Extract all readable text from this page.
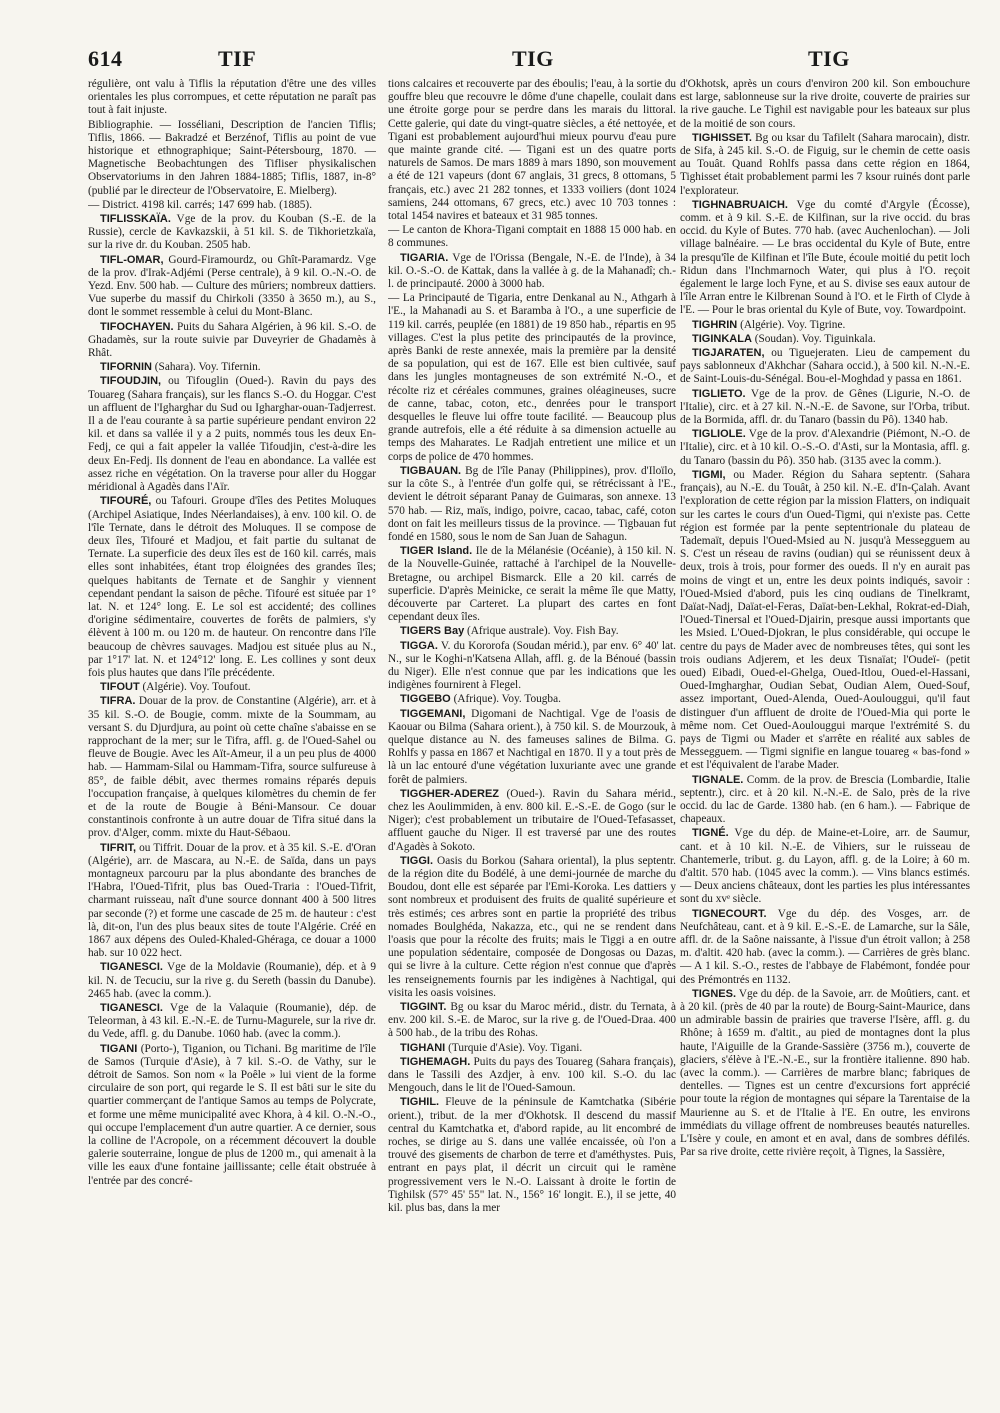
614	TIF	TIG	TIG

régulière, ont valu à Tiflis la réputation d'être une des villes orientales les plus corrompues, et cette réputation ne paraît pas tout à fait injuste.

Bibliographie. — Iosséliani, Description de l'ancien Tiflis; Tiflis, 1866. — Bakradzé et Berzénof, Tiflis au point de vue historique et ethnographique; Saint-Pétersbourg, 1870. — Magnetische Beobachtungen des Tifliser physikalischen Observatoriums in den Jahren 1884-1885; Tiflis, 1887, in-8° (publié par le directeur de l'Observatoire, E. Mielberg).

— District. 4198 kil. carrés; 147 699 hab. (1885).

TIFLISSKAÏA. Vge de la prov. du Kouban (S.-E. de la Russie), cercle de Kavkazskii, à 51 kil. S. de Tikhorietzkaïa, sur la rive dr. du Kouban. 2505 hab.

TIFL-OMAR, Gourd-Firamourdz, ou Ghît-Paramardz. Vge de la prov. d'Irak-Adjémi (Perse centrale), à 9 kil. O.-N.-O. de Yezd. Env. 500 hab. — Culture des mûriers; nombreux dattiers. Vue superbe du massif du Chirkoli (3350 à 3650 m.), au S., dont le sommet ressemble à celui du Mont-Blanc.

TIFOCHAYEN. Puits du Sahara Algérien, à 96 kil. S.-O. de Ghadamès, sur la route suivie par Duveyrier de Ghadamès à Rhât.

TIFORNIN (Sahara). Voy. Tifernin.

TIFOUDJIN, ou Tifouglin (Oued-). Ravin du pays des Touareg (Sahara français), sur les flancs S.-O. du Hoggar. C'est un affluent de l'Igharghar du Sud ou Igharghar-ouan-Tadjerrest. Il a de l'eau courante à sa partie supérieure pendant environ 22 kil. et dans sa vallée il y a 2 puits, nommés tous les deux En-Fedj, ce qui a fait appeler la vallée Tifoudjin, c'est-à-dire les deux En-Fedj. Ils donnent de l'eau en abondance. La vallée est assez riche en végétation. On la traverse pour aller du Hoggar méridional à Agadès dans l'Aïr.

TIFOURÉ, ou Tafouri. Groupe d'îles des Petites Moluques (Archipel Asiatique, Indes Néerlandaises), à env. 100 kil. O. de l'île Ternate, dans le détroit des Moluques. Il se compose de deux îles, Tifouré et Madjou, et fait partie du sultanat de Ternate. La superficie des deux îles est de 160 kil. carrés, mais elles sont inhabitées, étant trop éloignées des grandes îles; quelques habitants de Ternate et de Sanghir y viennent cependant pendant la saison de pêche. Tifouré est située par 1° lat. N. et 124° long. E. Le sol est accidenté; des collines d'origine sédimentaire, couvertes de forêts de palmiers, s'y élèvent à 100 m. ou 120 m. de hauteur. On rencontre dans l'île beaucoup de chèvres sauvages. Madjou est située plus au N., par 1°17' lat. N. et 124°12' long. E. Les collines y sont deux fois plus hautes que dans l'île précédente.

TIFOUT (Algérie). Voy. Toufout.

TIFRA. Douar de la prov. de Constantine (Algérie), arr. et à 35 kil. S.-O. de Bougie, comm. mixte de la Soummam, au versant S. du Djurdjura, au point où cette chaîne s'abaisse en se rapprochant de la mer; sur le Tifra, affl. g. de l'Oued-Sahel ou fleuve de Bougie. Avec les Aït-Ameur, il a un peu plus de 4000 hab. — Hammam-Silal ou Hammam-Tifra, source sulfureuse à 85°, de faible débit, avec thermes romains réparés depuis l'occupation française, à quelques kilomètres du chemin de fer et de la route de Bougie à Béni-Mansour. Ce douar constantinois confronte à un autre douar de Tifra situé dans la prov. d'Alger, comm. mixte du Haut-Sébaou.

TIFRIT, ou Tiffrit. Douar de la prov. et à 35 kil. S.-E. d'Oran (Algérie), arr. de Mascara, au N.-E. de Saïda, dans un pays montagneux parcouru par la plus abondante des branches de l'Habra, l'Oued-Tifrit, plus bas Oued-Traria : l'Oued-Tifrit, charmant ruisseau, naît d'une source donnant 400 à 500 litres par seconde (?) et forme une cascade de 25 m. de hauteur : c'est là, dit-on, l'un des plus beaux sites de toute l'Algérie. Créé en 1867 aux dépens des Ouled-Khaled-Ghéraga, ce douar a 1000 hab. sur 10 022 hect.

TIGANESCI. Vge de la Moldavie (Roumanie), dép. et à 9 kil. N. de Tecuciu, sur la rive g. du Sereth (bassin du Danube). 2465 hab. (avec la comm.).

TIGANESCI. Vge de la Valaquie (Roumanie), dép. de Teleorman, à 43 kil. E.-N.-E. de Turnu-Magurele, sur la rive dr. du Vede, affl. g. du Danube. 1060 hab. (avec la comm.).

TIGANI (Porto-), Tiganion, ou Tichani. Bg maritime de l'île de Samos (Turquie d'Asie), à 7 kil. S.-O. de Vathy, sur le détroit de Samos. Son nom « la Poêle » lui vient de la forme circulaire de son port, qui regarde le S. Il est bâti sur le site du quartier commerçant de l'antique Samos au temps de Polycrate, et forme une même municipalité avec Khora, à 4 kil. O.-N.-O., qui occupe l'emplacement d'un autre quartier. A ce dernier, sous la colline de l'Acropole, on a récemment découvert la double galerie souterraine, longue de plus de 1200 m., qui amenait à la ville les eaux d'une fontaine jaillissante; celle était obstruée à l'entrée par des concré-

tions calcaires et recouverte par des éboulis; l'eau, à la sortie du gouffre bleu que recouvre le dôme d'une chapelle, coulait dans une étroite gorge pour se perdre dans les marais du littoral. Cette galerie, qui date du vingt-quatre siècles, a été nettoyée, et Tigani est probablement aujourd'hui mieux pourvu d'eau pure que mainte grande cité. — Tigani est un des quatre ports naturels de Samos. De mars 1889 à mars 1890, son mouvement a été de 121 vapeurs (dont 67 anglais, 31 grecs, 8 ottomans, 5 français, etc.) avec 21 282 tonnes, et 1333 voiliers (dont 1024 samiens, 244 ottomans, 67 grecs, etc.) avec 10 703 tonnes : total 1454 navires et bateaux et 31 985 tonnes.

— Le canton de Khora-Tigani comptait en 1888 15 000 hab. en 8 communes.

TIGARIA. Vge de l'Orissa (Bengale, N.-E. de l'Inde), à 34 kil. O.-S.-O. de Kattak, dans la vallée à g. de la Mahanadî; ch.-l. de principauté. 2000 à 3000 hab.

— La Principauté de Tigaria, entre Denkanal au N., Athgarh à l'E., la Mahanadi au S. et Baramba à l'O., a une superficie de 119 kil. carrés, peuplée (en 1881) de 19 850 hab., répartis en 95 villages. C'est la plus petite des principautés de la province, après Banki de reste annexée, mais la première par la densité de sa population, qui est de 167. Elle est bien cultivée, sauf dans les jungles montagneuses de son extrémité N.-O., et récolte riz et céréales communes, graines oléagineuses, sucre de canne, tabac, coton, etc., denrées pour le transport desquelles le fleuve lui offre toute facilité. — Beaucoup plus grande autrefois, elle a été réduite à sa dimension actuelle au temps des Maharates. Le Radjah entretient une milice et un corps de police de 470 hommes.

TIGBAUAN. Bg de l'île Panay (Philippines), prov. d'Iloïlo, sur la côte S., à l'entrée d'un golfe qui, se rétrécissant à l'E., devient le détroit séparant Panay de Guimaras, son annexe. 13 570 hab. — Riz, maïs, indigo, poivre, cacao, tabac, café, coton dont on fait les meilleurs tissus de la province. — Tigbauan fut fondé en 1580, sous le nom de San Juan de Sahagun.

TIGER Island. Ile de la Mélanésie (Océanie), à 150 kil. N. de la Nouvelle-Guinée, rattaché à l'archipel de la Nouvelle-Bretagne, ou archipel Bismarck. Elle a 20 kil. carrés de superficie. D'après Meinicke, ce serait la même île que Matty, découverte par Carteret. La plupart des cartes en font cependant deux îles.

TIGERS Bay (Afrique australe). Voy. Fish Bay.

TIGGA. V. du Kororofa (Soudan mérid.), par env. 6° 40' lat. N., sur le Koghi-n'Katsena Allah, affl. g. de la Bénoué (bassin du Niger). Elle n'est connue que par les indications que les indigènes fournirent à Flegel.

TIGGEBO (Afrique). Voy. Tougba.

TIGGEMANI, Digomani de Nachtigal. Vge de l'oasis de Kaouar ou Bilma (Sahara orient.), à 750 kil. S. de Mourzouk, à quelque distance au N. des fameuses salines de Bilma. G. Rohlfs y passa en 1867 et Nachtigal en 1870. Il y a tout près de là un lac entouré d'une végétation luxuriante avec une grande forêt de palmiers.

TIGGHER-ADEREZ (Oued-). Ravin du Sahara mérid., chez les Aoulimmiden, à env. 800 kil. E.-S.-E. de Gogo (sur le Niger); c'est probablement un tributaire de l'Oued-Tefasasset, affluent gauche du Niger. Il est traversé par une des routes d'Agadès à Sokoto.

TIGGI. Oasis du Borkou (Sahara oriental), la plus septentr. de la région dite du Bodélé, à une demi-journée de marche du Boudou, dont elle est séparée par l'Emi-Koroka. Les dattiers y sont nombreux et produisent des fruits de qualité supérieure et très estimés; ces arbres sont en partie la propriété des tribus nomades Boulghéda, Nakazza, etc., qui ne se rendent dans l'oasis que pour la récolte des fruits; mais le Tiggi a en outre une population sédentaire, composée de Dongosas ou Dazas, qui se livre à la culture. Cette région n'est connue que d'après les renseignements fournis par les indigènes à Nachtigal, qui visita les oasis voisines.

TIGGINT. Bg ou ksar du Maroc mérid., distr. du Ternata, à env. 200 kil. S.-E. de Maroc, sur la rive g. de l'Oued-Draa. 400 à 500 hab., de la tribu des Rohas.

TIGHANI (Turquie d'Asie). Voy. Tigani.

TIGHEMAGH. Puits du pays des Touareg (Sahara français), dans le Tassili des Azdjer, à env. 100 kil. S.-O. du lac Mengouch, dans le lit de l'Oued-Samoun.

TIGHIL. Fleuve de la péninsule de Kamtchatka (Sibérie orient.), tribut. de la mer d'Okhotsk. Il descend du massif central du Kamtchatka et, d'abord rapide, au lit encombré de roches, se dirige au S. dans une vallée encaissée, où l'on a trouvé des gisements de charbon de terre et d'améthystes. Puis, entrant en pays plat, il décrit un circuit qui le ramène progressivement vers le N.-O. Laissant à droite le fortin de Tighilsk (57° 45' 55" lat. N., 156° 16' longit. E.), il se jette, 40 kil. plus bas, dans la mer

d'Okhotsk, après un cours d'environ 200 kil. Son embouchure est large, sablonneuse sur la rive droite, couverte de prairies sur la rive gauche. Le Tighil est navigable pour les bateaux sur plus de la moitié de son cours.

TIGHISSET. Bg ou ksar du Tafilelt (Sahara marocain), distr. de Sifa, à 245 kil. S.-O. de Figuig, sur le chemin de cette oasis au Touât. Quand Rohlfs passa dans cette région en 1864, Tighisset était probablement parmi les 7 ksour ruinés dont parle l'explorateur.

TIGHNABRUAICH. Vge du comté d'Argyle (Écosse), comm. et à 9 kil. S.-E. de Kilfinan, sur la rive occid. du bras occid. du Kyle of Butes. 770 hab. (avec Auchenlochan). — Joli village balnéaire. — Le bras occidental du Kyle of Bute, entre la presqu'île de Kilfinan et l'île Bute, écoule moitié du petit loch Ridun dans l'Inchmarnoch Water, qui plus à l'O. reçoit également le large loch Fyne, et au S. divise ses eaux autour de l'île Arran entre le Kilbrenan Sound à l'O. et le Firth of Clyde à l'E. — Pour le bras oriental du Kyle of Bute, voy. Towardpoint.

TIGHRIN (Algérie). Voy. Tigrine.

TIGINKALA (Soudan). Voy. Tiguinkala.

TIGJARATEN, ou Tiguejeraten. Lieu de campement du pays sablonneux d'Akhchar (Sahara occid.), à 500 kil. N.-N.-E. de Saint-Louis-du-Sénégal. Bou-el-Moghdad y passa en 1861.

TIGLIETO. Vge de la prov. de Gênes (Ligurie, N.-O. de l'Italie), circ. et à 27 kil. N.-N.-E. de Savone, sur l'Orba, tribut. de la Bormida, affl. dr. du Tanaro (bassin du Pô). 1340 hab.

TIGLIOLE. Vge de la prov. d'Alexandrie (Piémont, N.-O. de l'Italie), circ. et à 10 kil. O.-S.-O. d'Asti, sur la Montasia, affl. g. du Tanaro (bassin du Pô). 350 hab. (3135 avec la comm.).

TIGMI, ou Mader. Région du Sahara septentr. (Sahara français), au N.-E. du Touât, à 250 kil. N.-E. d'In-Çalah. Avant l'exploration de cette région par la mission Flatters, on indiquait sur les cartes le cours d'un Oued-Tigmi, qui n'existe pas. Cette région est formée par la pente septentrionale du plateau de Tademaït, depuis l'Oued-Msied au N. jusqu'à Messegguem au S. C'est un réseau de ravins (oudian) qui se réunissent deux à deux, trois à trois, pour former des oueds. Il n'y en aurait pas moins de vingt et un, entre les deux points indiqués, savoir : l'Oued-Msied d'abord, puis les cinq oudians de Tinelkramt, Daïat-Nadj, Daïat-el-Feras, Daïat-ben-Lekhal, Rokrat-ed-Diah, l'Oued-Tinersal et l'Oued-Djairin, presque aussi importants que les Msied. L'Oued-Djokran, le plus considérable, qui occupe le centre du pays de Mader avec de nombreuses têtes, qui sont les trois oudians Adjerem, et les deux Tisnaïat; l'Oudeï- (petit oued) Eibadi, Oued-el-Ghelga, Oued-Itlou, Oued-el-Hassani, Oued-Imgharghar, Oudian Sebat, Oudian Alem, Oued-Souf, assez important, Oued-Alenda, Oued-Aoulouggui, qu'il faut distinguer d'un affluent de droite de l'Oued-Mia qui porte le même nom. Cet Oued-Aoulouggui marque l'extrémité S. du pays de Tigmi ou Mader et s'arrête en réalité aux sables de Messegguem. — Tigmi signifie en langue touareg « bas-fond » et est l'équivalent de l'arabe Mader.

TIGNALE. Comm. de la prov. de Brescia (Lombardie, Italie septentr.), circ. et à 20 kil. N.-N.-E. de Salo, près de la rive occid. du lac de Garde. 1380 hab. (en 6 ham.). — Fabrique de chapeaux.

TIGNÉ. Vge du dép. de Maine-et-Loire, arr. de Saumur, cant. et à 10 kil. N.-E. de Vihiers, sur le ruisseau de Chantemerle, tribut. g. du Layon, affl. g. de la Loire; à 60 m. d'altit. 570 hab. (1045 avec la comm.). — Vins blancs estimés. — Deux anciens châteaux, dont les parties les plus intéressantes sont du xvᵉ siècle.

TIGNECOURT. Vge du dép. des Vosges, arr. de Neufchâteau, cant. et à 9 kil. E.-S.-E. de Lamarche, sur la Sâle, affl. dr. de la Saône naissante, à l'issue d'un étroit vallon; à 258 m. d'altit. 420 hab. (avec la comm.). — Carrières de grès blanc. — A 1 kil. S.-O., restes de l'abbaye de Flabémont, fondée pour des Prémontrés en 1132.

TIGNES. Vge du dép. de la Savoie, arr. de Moûtiers, cant. et à 20 kil. (près de 40 par la route) de Bourg-Saint-Maurice, dans un admirable bassin de prairies que traverse l'Isère, affl. g. du Rhône; à 1659 m. d'altit., au pied de montagnes dont la plus haute, l'Aiguille de la Grande-Sassière (3756 m.), couverte de glaciers, s'élève à l'E.-N.-E., sur la frontière italienne. 890 hab. (avec la comm.). — Carrières de marbre blanc; fabriques de dentelles. — Tignes est un centre d'excursions fort apprécié pour toute la région de montagnes qui sépare la Tarentaise de la Maurienne au S. et de l'Italie à l'E. En outre, les environs immédiats du village offrent de nombreuses beautés naturelles. L'Isère y coule, en amont et en aval, dans de sombres défilés. Par sa rive droite, cette rivière reçoit, à Tignes, la Sassière,
